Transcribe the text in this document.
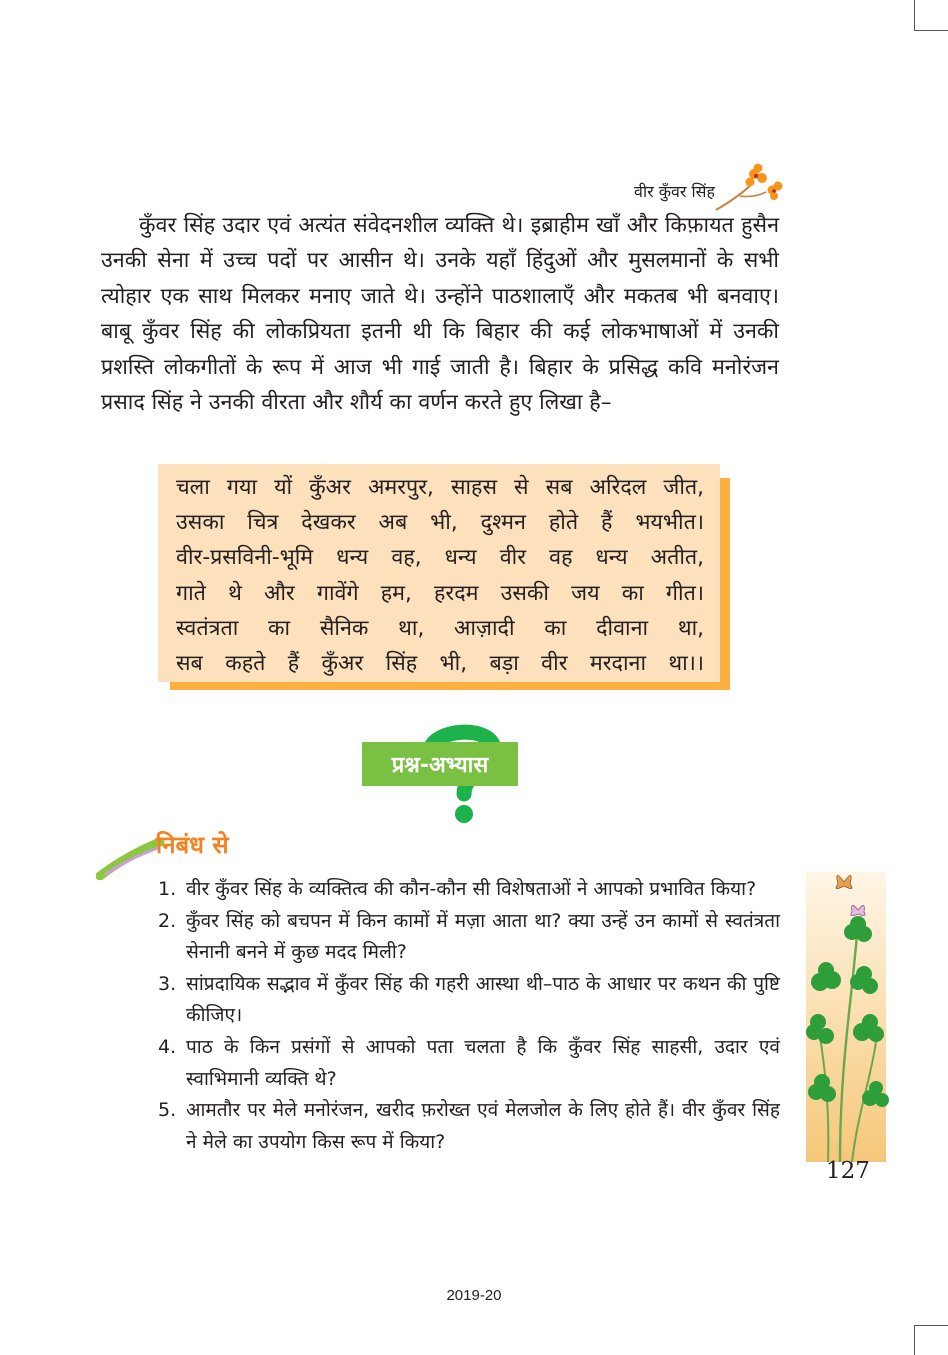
वीर कुँवर सिंह

कुँवर सिंह उदार एवं अत्यंत संवेदनशील व्यक्ति थे। इब्राहीम खाँ और किफ़ायत हुसैन उनकी सेना में उच्च पदों पर आसीन थे। उनके यहाँ हिंदुओं और मुसलमानों के सभी त्योहार एक साथ मिलकर मनाए जाते थे। उन्होंने पाठशालाएँ और मकतब भी बनवाए। बाबू कुँवर सिंह की लोकप्रियता इतनी थी कि बिहार की कई लोकभाषाओं में उनकी प्रशस्ति लोकगीतों के रूप में आज भी गाई जाती है। बिहार के प्रसिद्ध कवि मनोरंजन प्रसाद सिंह ने उनकी वीरता और शौर्य का वर्णन करते हुए लिखा है–

चला गया यों कुँअर अमरपुर, साहस से सब अरिदल जीत,
उसका चित्र देखकर अब भी, दुश्मन होते हैं भयभीत।
वीर-प्रसविनी-भूमि धन्य वह, धन्य वीर वह धन्य अतीत,
गाते थे और गावेंगे हम, हरदम उसकी जय का गीत।
स्वतंत्रता का सैनिक था, आज़ादी का दीवाना था,
सब कहते हैं कुँअर सिंह भी, बड़ा वीर मरदाना था।।
प्रश्न-अभ्यास
निबंध से
1. वीर कुँवर सिंह के व्यक्तित्व की कौन-कौन सी विशेषताओं ने आपको प्रभावित किया?
2. कुँवर सिंह को बचपन में किन कामों में मज़ा आता था? क्या उन्हें उन कामों से स्वतंत्रता सेनानी बनने में कुछ मदद मिली?
3. सांप्रदायिक सद्भाव में कुँवर सिंह की गहरी आस्था थी–पाठ के आधार पर कथन की पुष्टि कीजिए।
4. पाठ के किन प्रसंगों से आपको पता चलता है कि कुँवर सिंह साहसी, उदार एवं स्वाभिमानी व्यक्ति थे?
5. आमतौर पर मेले मनोरंजन, खरीद फ़रोख्त एवं मेलजोल के लिए होते हैं। वीर कुँवर सिंह ने मेले का उपयोग किस रूप में किया?
127
2019-20
